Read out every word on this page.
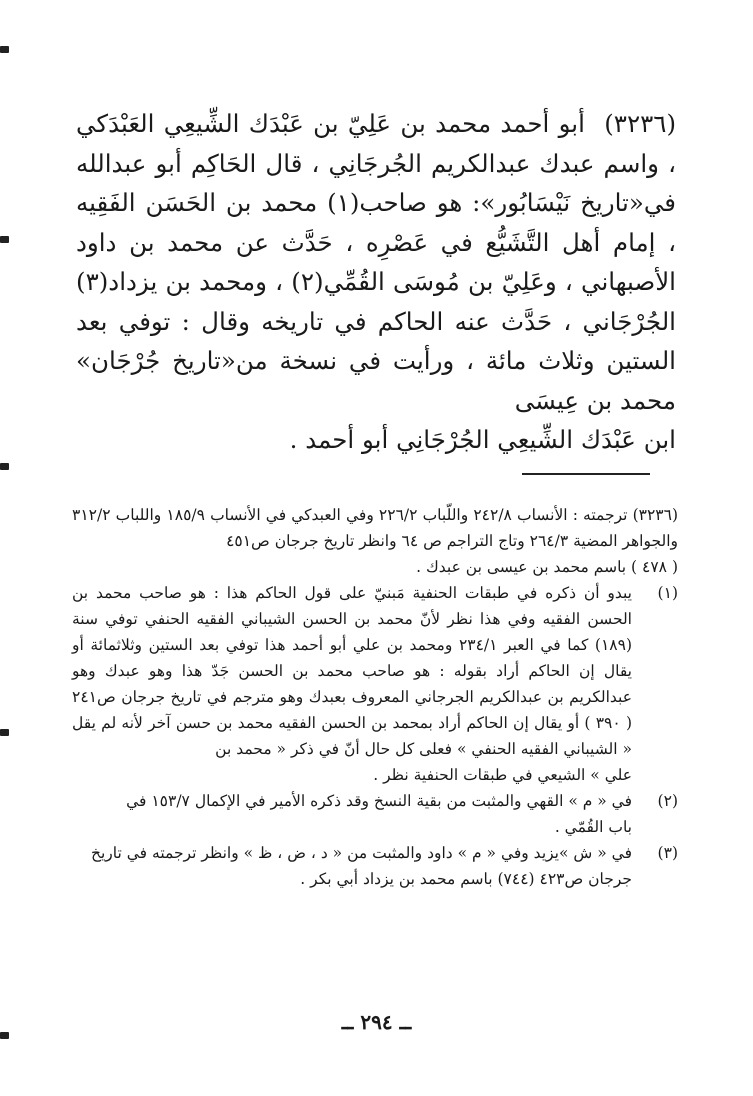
(٣٢٣٦) أبو أحمد محمد بن عَلِيّ بن عَبْدَك الشِّيعِي العَبْدَكي ، واسم عبدك عبدالكريم الجُرجَانِي ، قال الحَاكِم أبو عبدالله في«تاريخ نَيْسَابُور»: هو صاحب(١) محمد بن الحَسَن الفَقِيه ، إمام أهل التَّشَيُّع في عَصْرِه ، حَدَّث عن محمد بن داود الأصبهاني ، وعَلِيّ بن مُوسَى القُمِّي(٢) ، ومحمد بن يزداد(٣) الجُرْجَاني ، حَدَّث عنه الحاكم في تاريخه وقال : توفي بعد الستين وثلاث مائة ، ورأيت في نسخة من«تاريخ جُرْجَان» محمد بن عِيسَى
ابن عَبْدَك الشِّيعِي الجُرْجَانِي أبو أحمد .

(٣٢٣٦) ترجمته : الأنساب ٢٤٢/٨ واللّباب ٢٢٦/٢ وفي العبدكي في الأنساب ١٨٥/٩ واللباب ٣١٢/٢ والجواهر المضية ٢٦٤/٣ وتاج التراجم ص ٦٤ وانظر تاريخ جرجان ص٤٥١

( ٤٧٨ ) باسم محمد بن عيسى بن عبدك .

(١)
يبدو أن ذكره في طبقات الحنفية مَبنيّ على قول الحاكم هذا : هو صاحب محمد بن الحسن الفقيه وفي هذا نظر لأنّ محمد بن الحسن الشيباني الفقيه الحنفي توفي سنة (١٨٩) كما في العبر ٢٣٤/١ ومحمد بن علي أبو أحمد هذا توفي بعد الستين وثلاثمائة أو يقال إن الحاكم أراد بقوله : هو صاحب محمد بن الحسن جَدّ هذا وهو عبدك وهو عبدالكريم بن عبدالكريم الجرجاني المعروف بعبدك وهو مترجم في تاريخ جرجان ص٢٤١ ( ٣٩٠ ) أو يقال إن الحاكم أراد بمحمد بن الحسن الفقيه محمد بن حسن آخر لأنه لم يقل « الشيباني الفقيه الحنفي » فعلى كل حال أنّ في ذكر « محمد بن
علي » الشيعي في طبقات الحنفية نظر .
(٢)
في « م » القهي والمثبت من بقية النسخ وقد ذكره الأمير في الإكمال ١٥٣/٧ في
باب القُمّي .
(٣)
في « ش »يزيد وفي « م » داود والمثبت من « د ، ض ، ظ » وانظر ترجمته في تاريخ
جرجان ص٤٢٣ (٧٤٤) باسم محمد بن يزداد أبي بكر .
ــ ٢٩٤ ــ
